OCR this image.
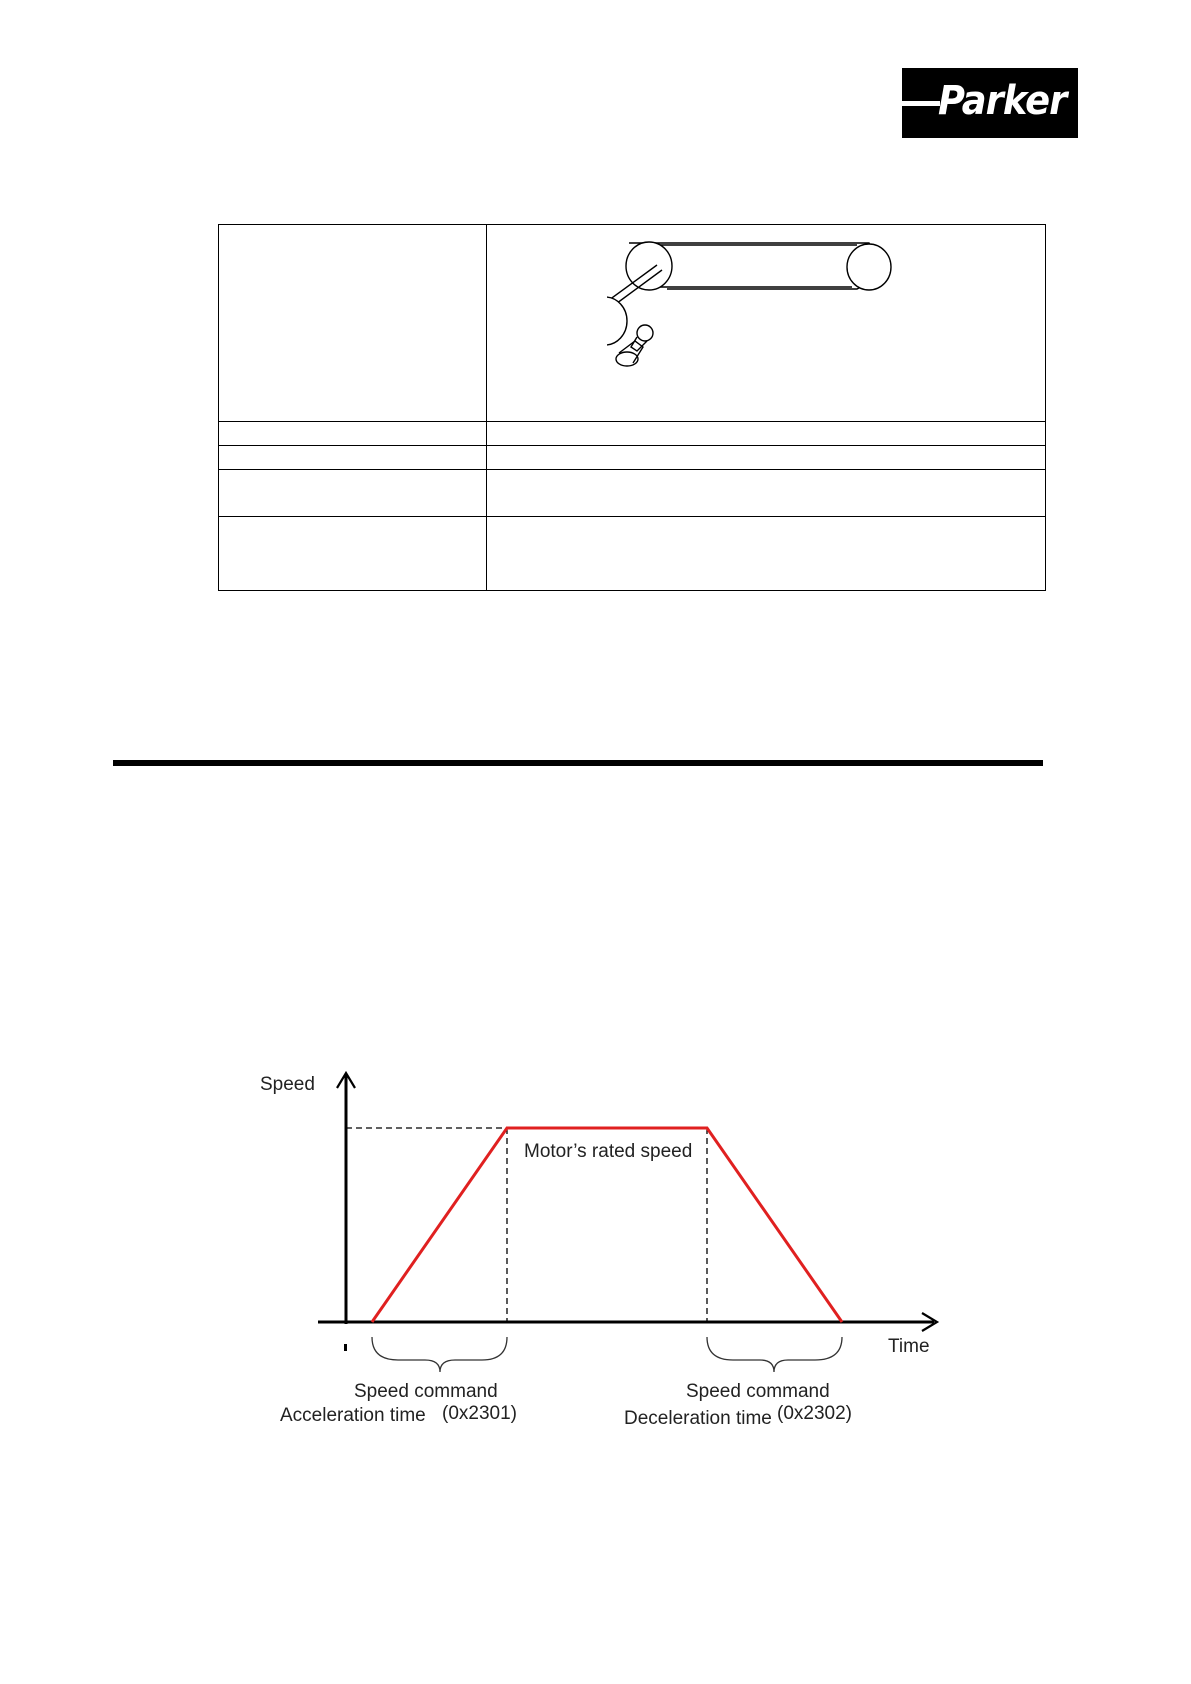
Parker

Speed
Time
Motor’s rated speed
Speed command
Acceleration time (0x2301)
Speed command
Deceleration time (0x2302)
